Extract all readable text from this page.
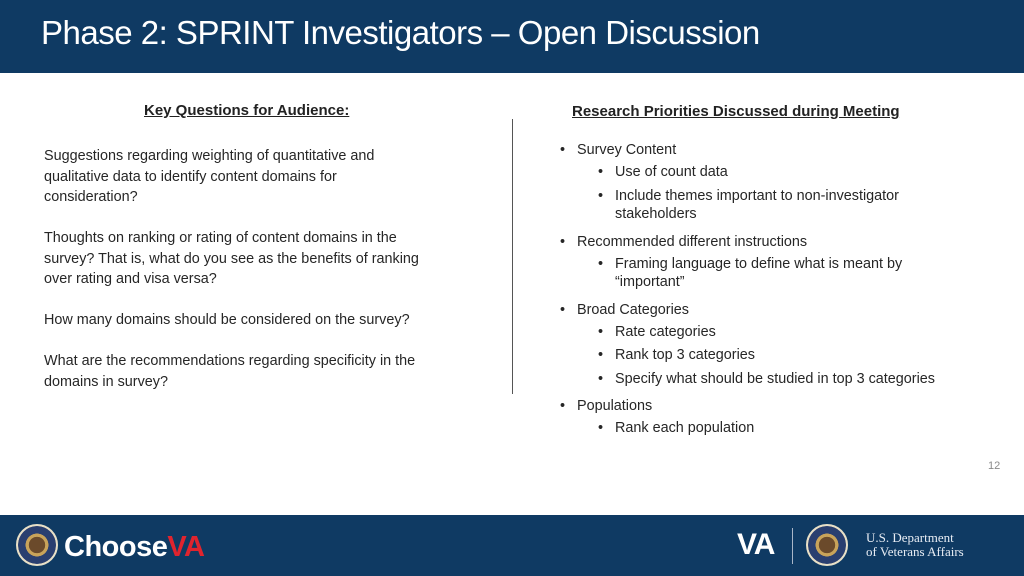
Phase 2: SPRINT Investigators – Open Discussion
Key Questions for Audience:
Suggestions regarding weighting of quantitative and
qualitative data to identify content domains for
consideration?
Thoughts on ranking or rating of content domains in the
survey? That is, what do you see as the benefits of ranking
over rating and visa versa?
How many domains should be considered on the survey?
What are the recommendations regarding specificity in the
domains in survey?
Research Priorities Discussed during Meeting
• Survey Content
• Use of count data
• Include themes important to non-investigator stakeholders
• Recommended different instructions
• Framing language to define what is meant by “important”
• Broad Categories
• Rate categories
• Rank top 3 categories
• Specify what should be studied in top 3 categories
• Populations
• Rank each population
12
ChooseVA	VA	U.S. Department
of Veterans Affairs
